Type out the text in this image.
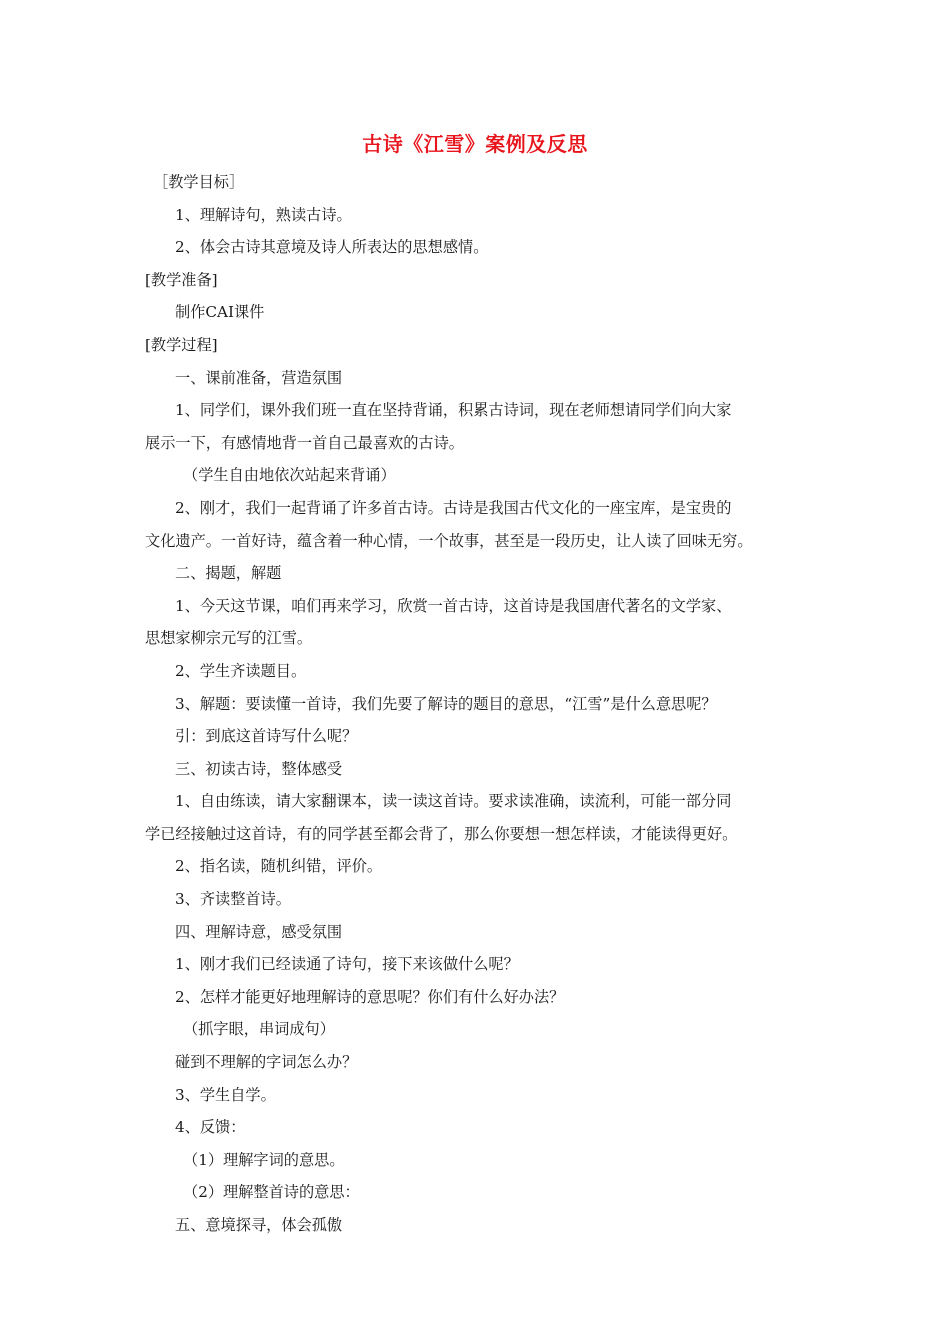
古诗《江雪》案例及反思

［教学目标］

1、理解诗句，熟读古诗。

2、体会古诗其意境及诗人所表达的思想感情。

[教学准备]

制作CAI课件

[教学过程]

一、课前准备，营造氛围

1、同学们，课外我们班一直在坚持背诵，积累古诗词，现在老师想请同学们向大家

展示一下，有感情地背一首自己最喜欢的古诗。

（学生自由地依次站起来背诵）

2、刚才，我们一起背诵了许多首古诗。古诗是我国古代文化的一座宝库，是宝贵的

文化遗产。一首好诗，蕴含着一种心情，一个故事，甚至是一段历史，让人读了回味无穷。

二、揭题，解题

1、今天这节课，咱们再来学习，欣赏一首古诗，这首诗是我国唐代著名的文学家、

思想家柳宗元写的江雪。

2、学生齐读题目。

3、解题：要读懂一首诗，我们先要了解诗的题目的意思，“江雪”是什么意思呢？

引：到底这首诗写什么呢？

三、初读古诗，整体感受

1、自由练读，请大家翻课本，读一读这首诗。要求读准确，读流利，可能一部分同

学已经接触过这首诗，有的同学甚至都会背了，那么你要想一想怎样读，才能读得更好。

2、指名读，随机纠错，评价。

3、齐读整首诗。

四、理解诗意，感受氛围

1、刚才我们已经读通了诗句，接下来该做什么呢？

2、怎样才能更好地理解诗的意思呢？你们有什么好办法？

（抓字眼，串词成句）

碰到不理解的字词怎么办？

3、学生自学。

4、反馈：

（1）理解字词的意思。

（2）理解整首诗的意思：

五、意境探寻，体会孤傲
